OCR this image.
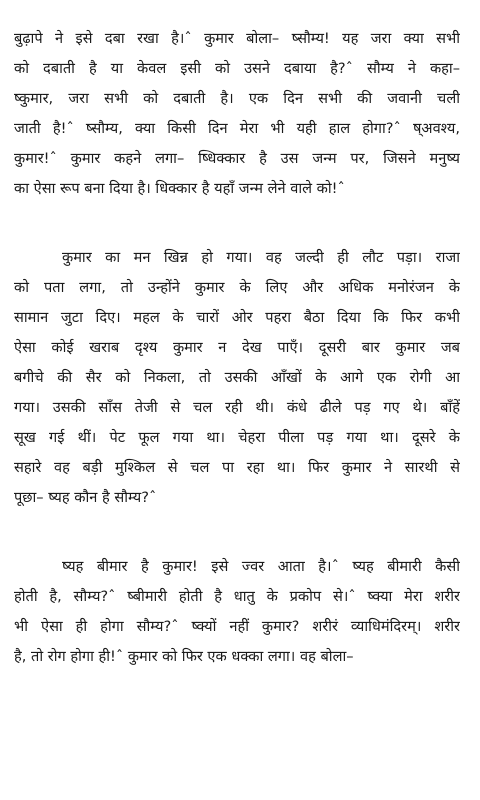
बुढ़ापे ने इसे दबा रखा है।ˆ कुमार बोला– ष्सौम्य! यह जरा क्या सभी
को दबाती है या केवल इसी को उसने दबाया है?ˆ सौम्य ने कहा–
ष्कुमार, जरा सभी को दबाती है। एक दिन सभी की जवानी चली
जाती है!ˆ ष्सौम्य, क्या किसी दिन मेरा भी यही हाल होगा?ˆ ष्अवश्य,
कुमार!ˆ कुमार कहने लगा– ष्धिक्कार है उस जन्म पर, जिसने मनुष्य
का ऐसा रूप बना दिया है। धिक्कार है यहाँ जन्म लेने वाले को!ˆ
कुमार का मन खिन्न हो गया। वह जल्दी ही लौट पड़ा। राजा
को पता लगा, तो उन्होंने कुमार के लिए और अधिक मनोरंजन के
सामान जुटा दिए। महल के चारों ओर पहरा बैठा दिया कि फिर कभी
ऐसा कोई खराब दृश्य कुमार न देख पाएँ। दूसरी बार कुमार जब
बगीचे की सैर को निकला, तो उसकी आँखों के आगे एक रोगी आ
गया। उसकी साँस तेजी से चल रही थी। कंधे ढीले पड़ गए थे। बाँहें
सूख गई थीं। पेट फूल गया था। चेहरा पीला पड़ गया था। दूसरे के
सहारे वह बड़ी मुश्किल से चल पा रहा था। फिर कुमार ने सारथी से
पूछा– ष्यह कौन है सौम्य?ˆ
ष्यह बीमार है कुमार! इसे ज्वर आता है।ˆ ष्यह बीमारी कैसी
होती है, सौम्य?ˆ ष्बीमारी होती है धातु के प्रकोप से।ˆ ष्क्या मेरा शरीर
भी ऐसा ही होगा सौम्य?ˆ ष्क्यों नहीं कुमार? शरीरं व्याधिमंदिरम्। शरीर
है, तो रोग होगा ही!ˆ कुमार को फिर एक धक्का लगा। वह बोला–
